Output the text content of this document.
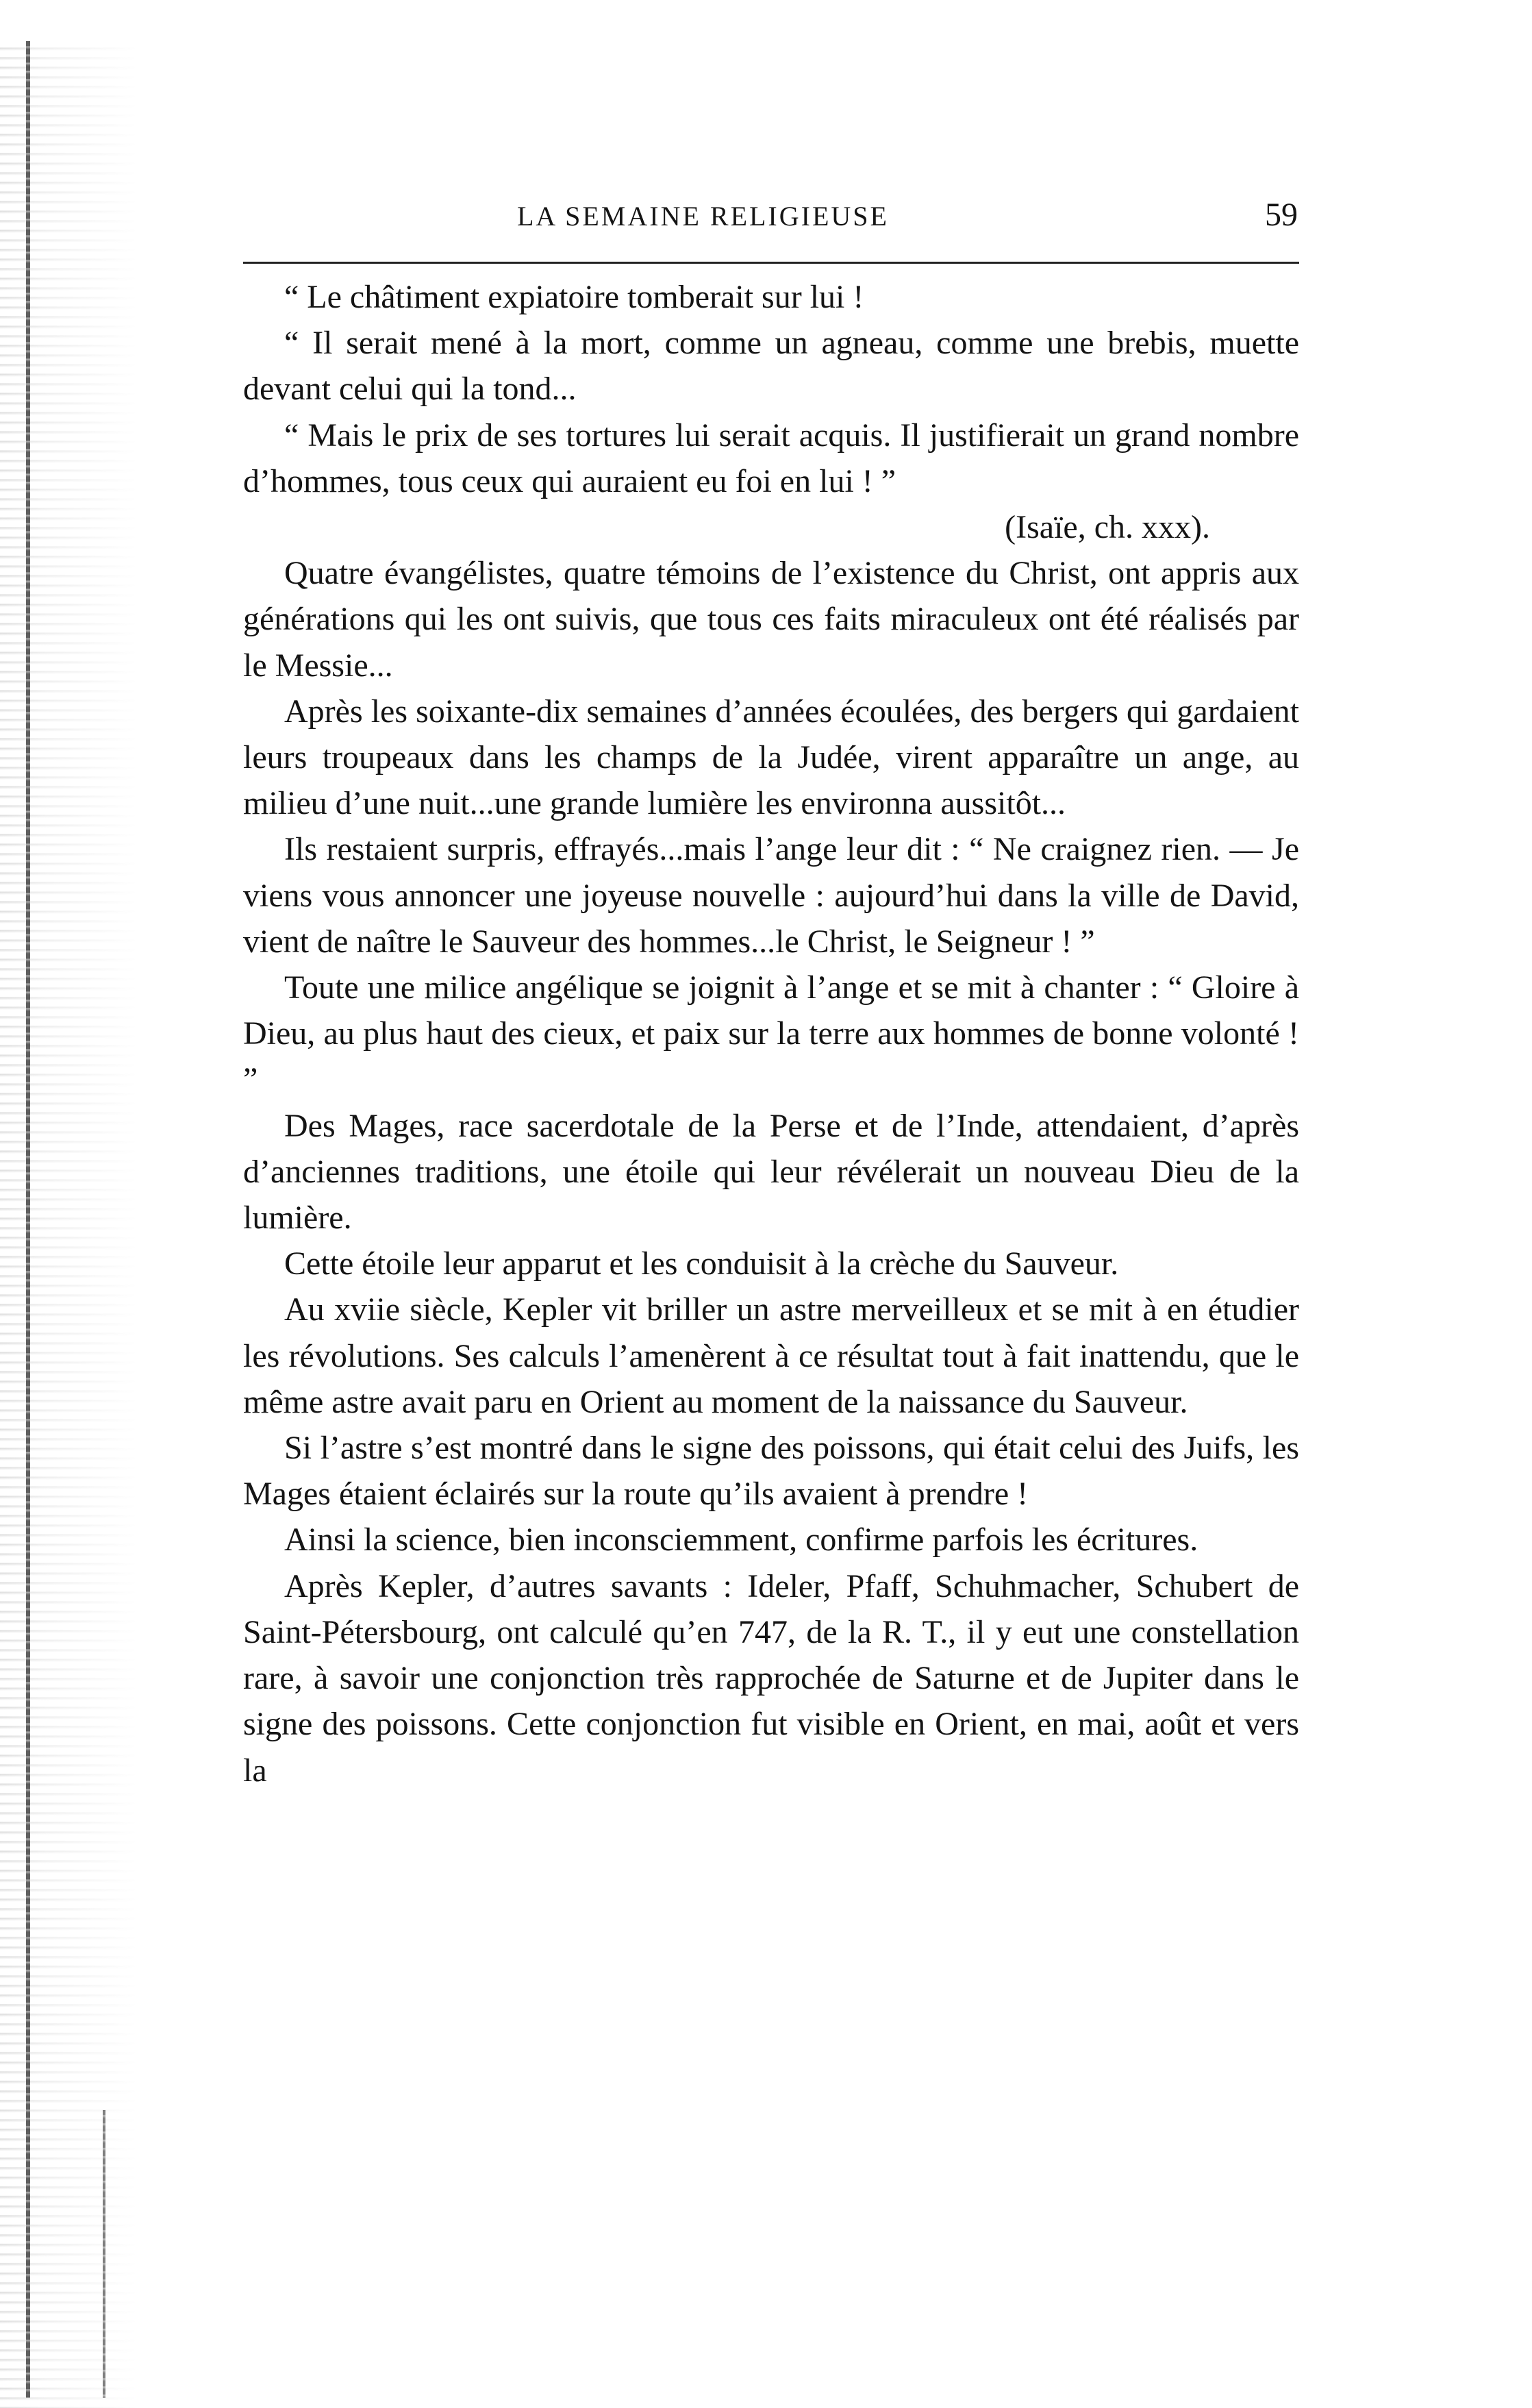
LA SEMAINE RELIGIEUSE	59

“ Le châtiment expiatoire tomberait sur lui !

“ Il serait mené à la mort, comme un agneau, comme une brebis, muette devant celui qui la tond...

“ Mais le prix de ses tortures lui serait acquis. Il justifierait un grand nombre d’hommes, tous ceux qui auraient eu foi en lui ! ”

(Isaïe, ch. xxx).

Quatre évangélistes, quatre témoins de l’existence du Christ, ont appris aux générations qui les ont suivis, que tous ces faits miraculeux ont été réalisés par le Messie...

Après les soixante-dix semaines d’années écoulées, des bergers qui gardaient leurs troupeaux dans les champs de la Judée, virent apparaître un ange, au milieu d’une nuit...une grande lumière les environna aussitôt...

Ils restaient surpris, effrayés...mais l’ange leur dit : “ Ne craignez rien. — Je viens vous annoncer une joyeuse nouvelle : aujourd’hui dans la ville de David, vient de naître le Sauveur des hommes...le Christ, le Seigneur ! ”

Toute une milice angélique se joignit à l’ange et se mit à chanter : “ Gloire à Dieu, au plus haut des cieux, et paix sur la terre aux hommes de bonne volonté ! ”

Des Mages, race sacerdotale de la Perse et de l’Inde, attendaient, d’après d’anciennes traditions, une étoile qui leur révélerait un nouveau Dieu de la lumière.

Cette étoile leur apparut et les conduisit à la crèche du Sauveur.

Au xviie siècle, Kepler vit briller un astre merveilleux et se mit à en étudier les révolutions. Ses calculs l’amenèrent à ce résultat tout à fait inattendu, que le même astre avait paru en Orient au moment de la naissance du Sauveur.

Si l’astre s’est montré dans le signe des poissons, qui était celui des Juifs, les Mages étaient éclairés sur la route qu’ils avaient à prendre !

Ainsi la science, bien inconsciemment, confirme parfois les écritures.

Après Kepler, d’autres savants : Ideler, Pfaff, Schuhmacher, Schubert de Saint-Pétersbourg, ont calculé qu’en 747, de la R. T., il y eut une constellation rare, à savoir une conjonction très rapprochée de Saturne et de Jupiter dans le signe des poissons. Cette conjonction fut visible en Orient, en mai, août et vers la
